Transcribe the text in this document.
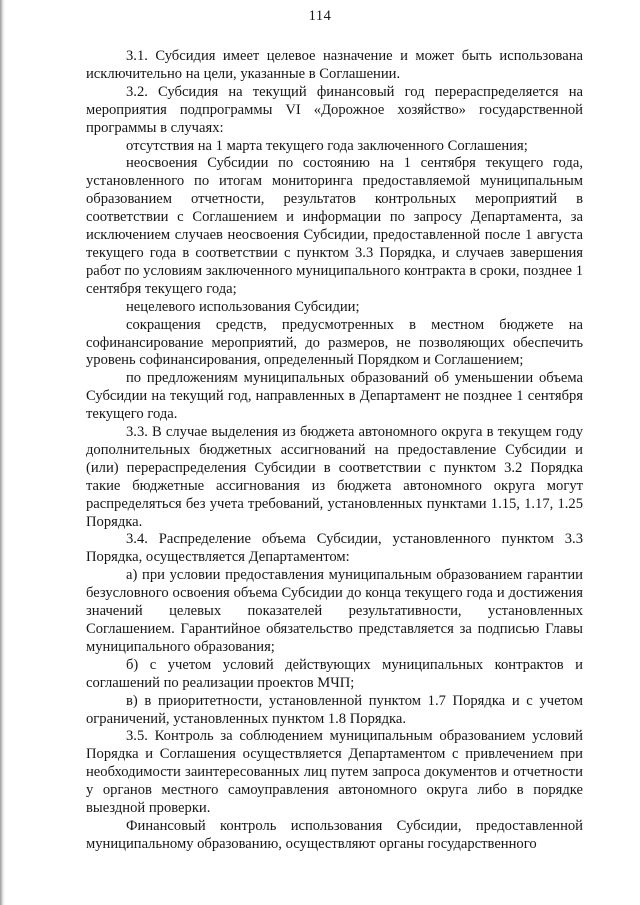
114

3.1. Субсидия имеет целевое назначение и может быть использована исключительно на цели, указанные в Соглашении.

3.2. Субсидия на текущий финансовый год перераспределяется на мероприятия подпрограммы VI «Дорожное хозяйство» государственной программы в случаях:

отсутствия на 1 марта текущего года заключенного Соглашения;

неосвоения Субсидии по состоянию на 1 сентября текущего года, установленного по итогам мониторинга предоставляемой муниципальным образованием отчетности, результатов контрольных мероприятий в соответствии с Соглашением и информации по запросу Департамента, за исключением случаев неосвоения Субсидии, предоставленной после 1 августа текущего года в соответствии с пунктом 3.3 Порядка, и случаев завершения работ по условиям заключенного муниципального контракта в сроки, позднее 1 сентября текущего года;

нецелевого использования Субсидии;

сокращения средств, предусмотренных в местном бюджете на софинансирование мероприятий, до размеров, не позволяющих обеспечить уровень софинансирования, определенный Порядком и Соглашением;

по предложениям муниципальных образований об уменьшении объема Субсидии на текущий год, направленных в Департамент не позднее 1 сентября текущего года.

3.3. В случае выделения из бюджета автономного округа в текущем году дополнительных бюджетных ассигнований на предоставление Субсидии и (или) перераспределения Субсидии в соответствии с пунктом 3.2 Порядка такие бюджетные ассигнования из бюджета автономного округа могут распределяться без учета требований, установленных пунктами 1.15, 1.17, 1.25 Порядка.

3.4. Распределение объема Субсидии, установленного пунктом 3.3 Порядка, осуществляется Департаментом:

а) при условии предоставления муниципальным образованием гарантии безусловного освоения объема Субсидии до конца текущего года и достижения значений целевых показателей результативности, установленных Соглашением. Гарантийное обязательство представляется за подписью Главы муниципального образования;

б) с учетом условий действующих муниципальных контрактов и соглашений по реализации проектов МЧП;

в) в приоритетности, установленной пунктом 1.7 Порядка и с учетом ограничений, установленных пунктом 1.8 Порядка.

3.5. Контроль за соблюдением муниципальным образованием условий Порядка и Соглашения осуществляется Департаментом с привлечением при необходимости заинтересованных лиц путем запроса документов и отчетности у органов местного самоуправления автономного округа либо в порядке выездной проверки.

Финансовый контроль использования Субсидии, предоставленной муниципальному образованию, осуществляют органы государственного
